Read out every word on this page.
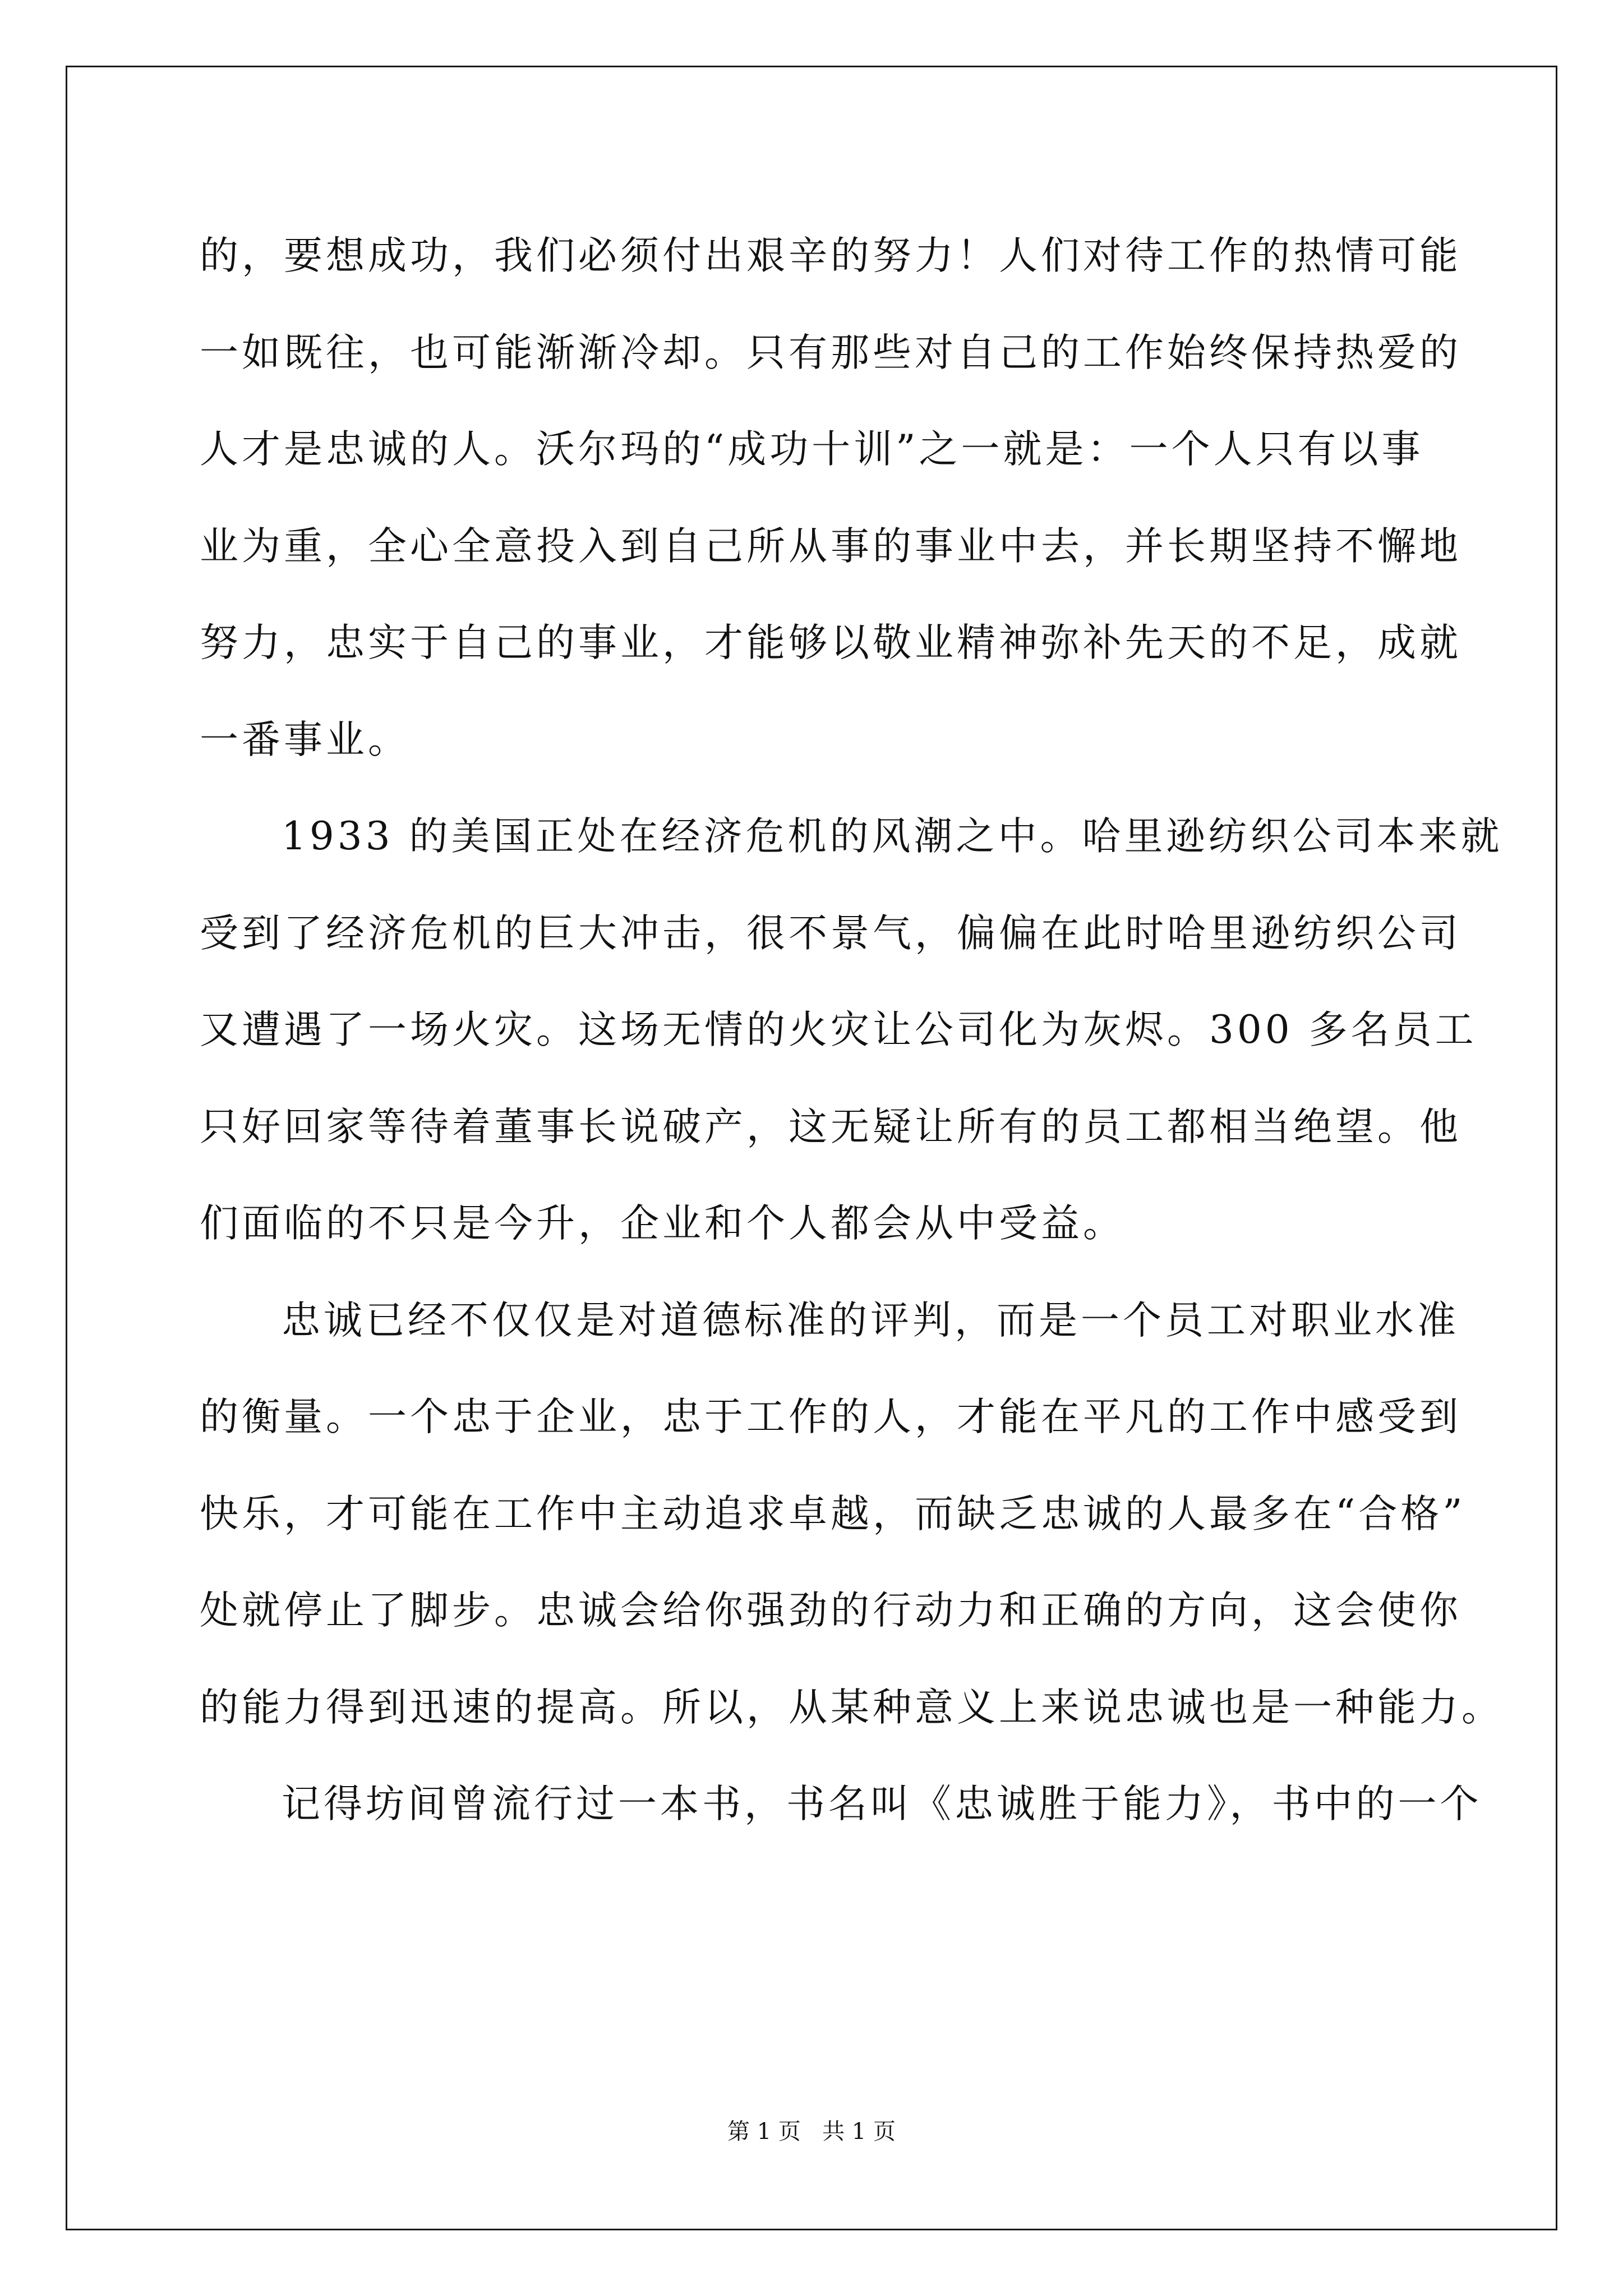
的，要想成功，我们必须付出艰辛的努力！人们对待工作的热情可能
一如既往，也可能渐渐冷却。只有那些对自己的工作始终保持热爱的
人才是忠诚的人。沃尔玛的“成功十训”之一就是：一个人只有以事
业为重，全心全意投入到自己所从事的事业中去，并长期坚持不懈地
努力，忠实于自己的事业，才能够以敬业精神弥补先天的不足，成就
一番事业。
1933 的美国正处在经济危机的风潮之中。哈里逊纺织公司本来就
受到了经济危机的巨大冲击，很不景气，偏偏在此时哈里逊纺织公司
又遭遇了一场火灾。这场无情的火灾让公司化为灰烬。300 多名员工
只好回家等待着董事长说破产，这无疑让所有的员工都相当绝望。他
们面临的不只是今升，企业和个人都会从中受益。
忠诚已经不仅仅是对道德标准的评判，而是一个员工对职业水准
的衡量。一个忠于企业，忠于工作的人，才能在平凡的工作中感受到
快乐，才可能在工作中主动追求卓越，而缺乏忠诚的人最多在“合格”
处就停止了脚步。忠诚会给你强劲的行动力和正确的方向，这会使你
的能力得到迅速的提高。所以，从某种意义上来说忠诚也是一种能力。
记得坊间曾流行过一本书，书名叫《忠诚胜于能力》，书中的一个
第 1 页   共 1 页
